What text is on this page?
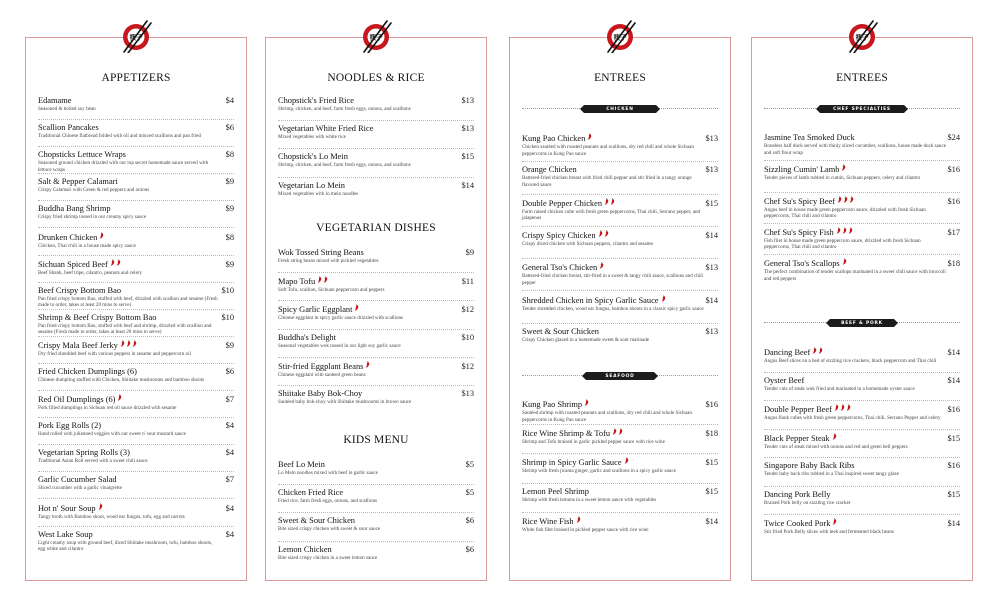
筷子
APPETIZERS
Edamame	$4
Seasoned & boiled soy bean
Scallion Pancakes	$6
Traditional Chinese flatbread folded with oil and minced scallions and pan fried
Chopsticks Lettuce Wraps	$8
Seasoned ground chicken drizzled with our top secret homemade sauce served with lettuce wraps
Salt & Pepper Calamari	$9
Crispy Calamari with Green & red peppers and onions
Buddha Bang Shrimp	$9
Crispy fried shrimp tossed in our creamy spicy sauce
Drunken Chicken	$8
Chicken, Thai chili in a house made spicy sauce
Sichuan Spiced Beef	$9
Beef Shank, beef tripe, cilantro, peanuts and celery
Beef Crispy Bottom Bao	$10
Pan fried crispy bottom Bao, stuffed with beef, drizzled with scallion and sesame (Fresh made to order, takes at least 20 mins to serve)
Shrimp & Beef Crispy Bottom Bao	$10
Pan fried crispy bottom Bao, stuffed with beef and shrimp, drizzled with scallion and sesame (Fresh made to order, takes at least 20 mins to serve)
Crispy Mala Beef Jerky	$9
Dry fried shredded beef with various peppers in sesame and peppercorn oil
Fried Chicken Dumplings (6)	$6
Chinese dumpling stuffed with Chicken, Shiitake mushrooms and bamboo shoots
Red Oil Dumplings (6)	$7
Pork filled dumplings in Sichuan red oil sauce drizzled with sesame
Pork Egg Rolls (2)	$4
Hand rolled with julienned veggies with our sweet n' sour mustard sauce
Vegetarian Spring Rolls (3)	$4
Traditional Asian Roll served with a sweet chili sauce
Garlic Cucumber Salad	$7
Sliced cucumber with a garlic vinaigrette
Hot n' Sour Soup	$4
Tangy broth with Bamboo shoot, wood ear fungus, tofu, egg and carrots
West Lake Soup	$4
Light creamy soup with ground beef, diced Shiitake mushroom, tofu, bamboo shoots, egg white and cilantro
筷子
NOODLES & RICE
Chopstick's Fried Rice	$13
Shrimp, chicken, and beef, farm fresh eggs, onions, and scallions
Vegetarian White Fried Rice	$13
Mixed vegetables with white rice
Chopstick's Lo Mein	$15
Shrimp, chicken, and beef, farm fresh eggs, onions, and scallions
Vegetarian Lo Mein	$14
Mixed vegetables with lo mein noodles
VEGETARIAN DISHES
Wok Tossed String Beans	$9
Fresh string beans mixed with pickled vegetables
Mapo Tofu	$11
Soft Tofu, scallion, Sichuan peppercorn and peppers
Spicy Garlic Eggplant	$12
Chinese eggplant in spicy garlic sauce drizzled with scallions
Buddha's Delight	$10
Seasonal vegetables wok tossed in our light soy garlic sauce
Stir-fried Eggplant Beans	$12
Chinese eggplant with sauteed green beans
Shiitake Baby Bok-Choy	$13
Sautéed baby bok-choy with Shiitake mushrooms in brown sauce
KIDS MENU
Beef Lo Mein	$5
Lo Mein noodles mixed with beef in garlic sauce
Chicken Fried Rice	$5
Fried rice, farm fresh eggs, onions, and scallions
Sweet & Sour Chicken	$6
Bite sized crispy chicken with sweet & sour sauce
Lemon Chicken	$6
Bite sized crispy chicken in a sweet lemon sauce
筷子
ENTREES
CHICKEN
Kung Pao Chicken	$13
Chicken sautéed with roasted peanuts and scallions, dry red chili and whole Sichuan peppercorns in Kung Pao sauce
Orange Chicken	$13
Battered-fried chicken breast with fried chili pepper and stir fried in a tangy orange flavored sauce
Double Pepper Chicken	$15
Farm raised chicken cube with fresh green peppercorns, Thai chili, Serrano pepper, and jalapenos
Crispy Spicy Chicken	$14
Crispy diced chicken with Sichuan peppers, cilantro and sesame
General Tso's Chicken	$13
Battered-fried chicken breast, stir-fried in a sweet & tangy chili sauce, scallions and chili pepper
Shredded Chicken in Spicy Garlic Sauce	$14
Tender shredded chicken, wood ear fungus, bamboo shoots in a classic spicy garlic sauce
Sweet & Sour Chicken	$13
Crispy Chicken glazed in a homemade sweet & sour marinade
SEAFOOD
Kung Pao Shrimp	$16
Sautéed shrimp with roasted peanuts and scallions, dry red chili and whole Sichuan peppercorns in Kung Pao sauce
Rice Wine Shrimp & Tofu	$18
Shrimp and Tofu braised in garlic pickled pepper sauce with rice wine
Shrimp in Spicy Garlic Sauce	$15
Shrimp with fresh jicama ginger, garlic and scallions in a spicy garlic sauce
Lemon Peel Shrimp	$15
Shrimp with fresh lemons in a sweet lemon sauce with vegetables
Rice Wine Fish	$14
White fish filet braised in pickled pepper sauce with rice wine
筷子
ENTREES
CHEF SPECIALTIES
Jasmine Tea Smoked Duck	$24
Boneless half duck served with thinly sliced cucumber, scallions, house made duck sauce and soft flour wrap
Sizzling Cumin' Lamb	$16
Tender pieces of lamb rubbed in cumin, Sichuan peppers, celery and cilantro
Chef Su's Spicy Beef	$16
Angus beef in house made green peppercorn sauce, drizzled with fresh Sichuan peppercorns, Thai chili and cilantro
Chef Su's Spicy Fish	$17
Fish filet in house made green peppercorn sauce, drizzled with fresh Sichuan peppercorns, Thai chili and cilantro
General Tso's Scallops	$18
The perfect combination of tender scallops marinated in a sweet chili sauce with broccoli and red peppers
BEEF & PORK
Dancing Beef	$14
Angus Beef slices on a bed of sizzling rice crackers, black peppercorn and Thai chili
Oyster Beef	$14
Tender cuts of steak wok fried and marinated in a homemade oyster sauce
Double Pepper Beef	$16
Angus flank cubes with fresh green peppercorns, Thai chili, Serrano Pepper and celery
Black Pepper Steak	$15
Tender cuts of steak mixed with onions and red and green bell peppers
Singapore Baby Back Ribs	$16
Tender baby back ribs rubbed in a Thai inspired sweet tangy glaze
Dancing Pork Belly	$15
Braised Pork belly on sizzling rice cracker
Twice Cooked Pork	$14
Stir fried Pork Belly slices with leek and fermented black beans
